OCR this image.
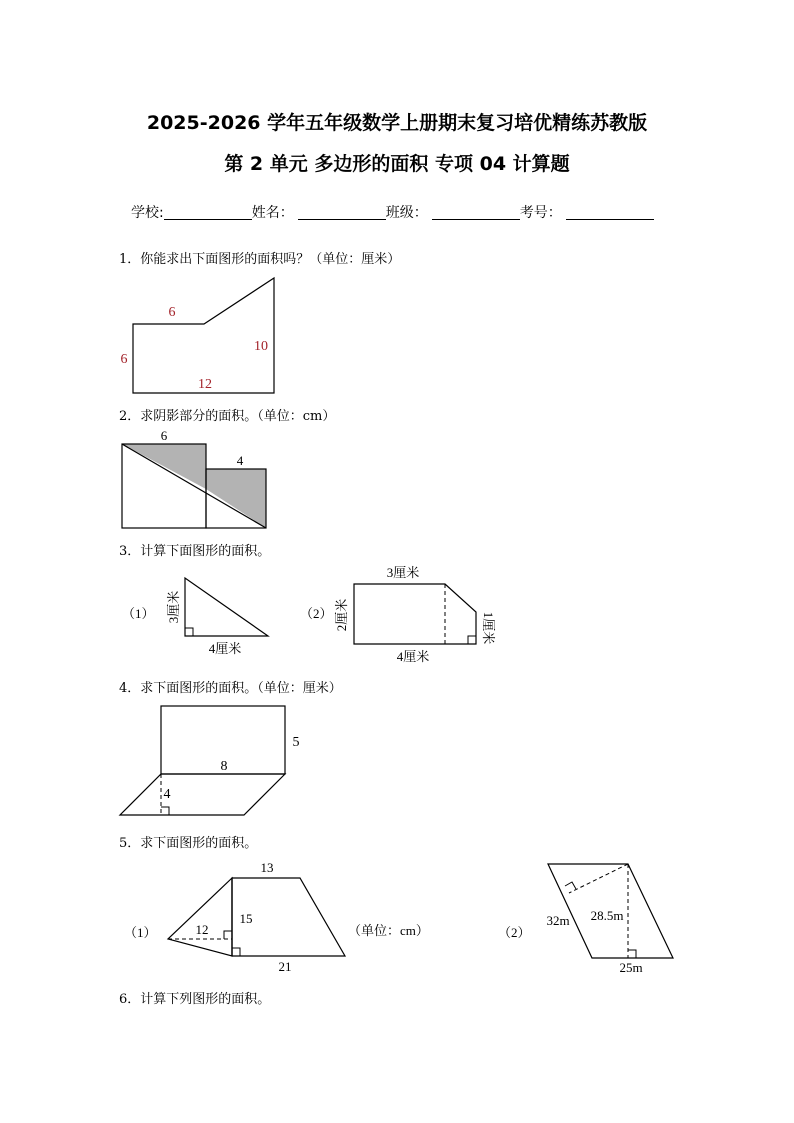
2025-2026 学年五年级数学上册期末复习培优精练苏教版
第 2 单元 多边形的面积 专项 04 计算题
学校:	姓名：	班级：	考号：
1．你能求出下面图形的面积吗？（单位：厘米）
2．求阴影部分的面积。（单位：cm）
3．计算下面图形的面积。
4．求下面图形的面积。（单位：厘米）
5．求下面图形的面积。
6．计算下列图形的面积。
6
6
10
12
6
4
（1） 3厘米
4厘米
（2）
3厘米
2厘米	1厘米
4厘米
5
8
4
（1）
13
12
15
21
（单位：cm）	（2）
32m 28.5m
25m
